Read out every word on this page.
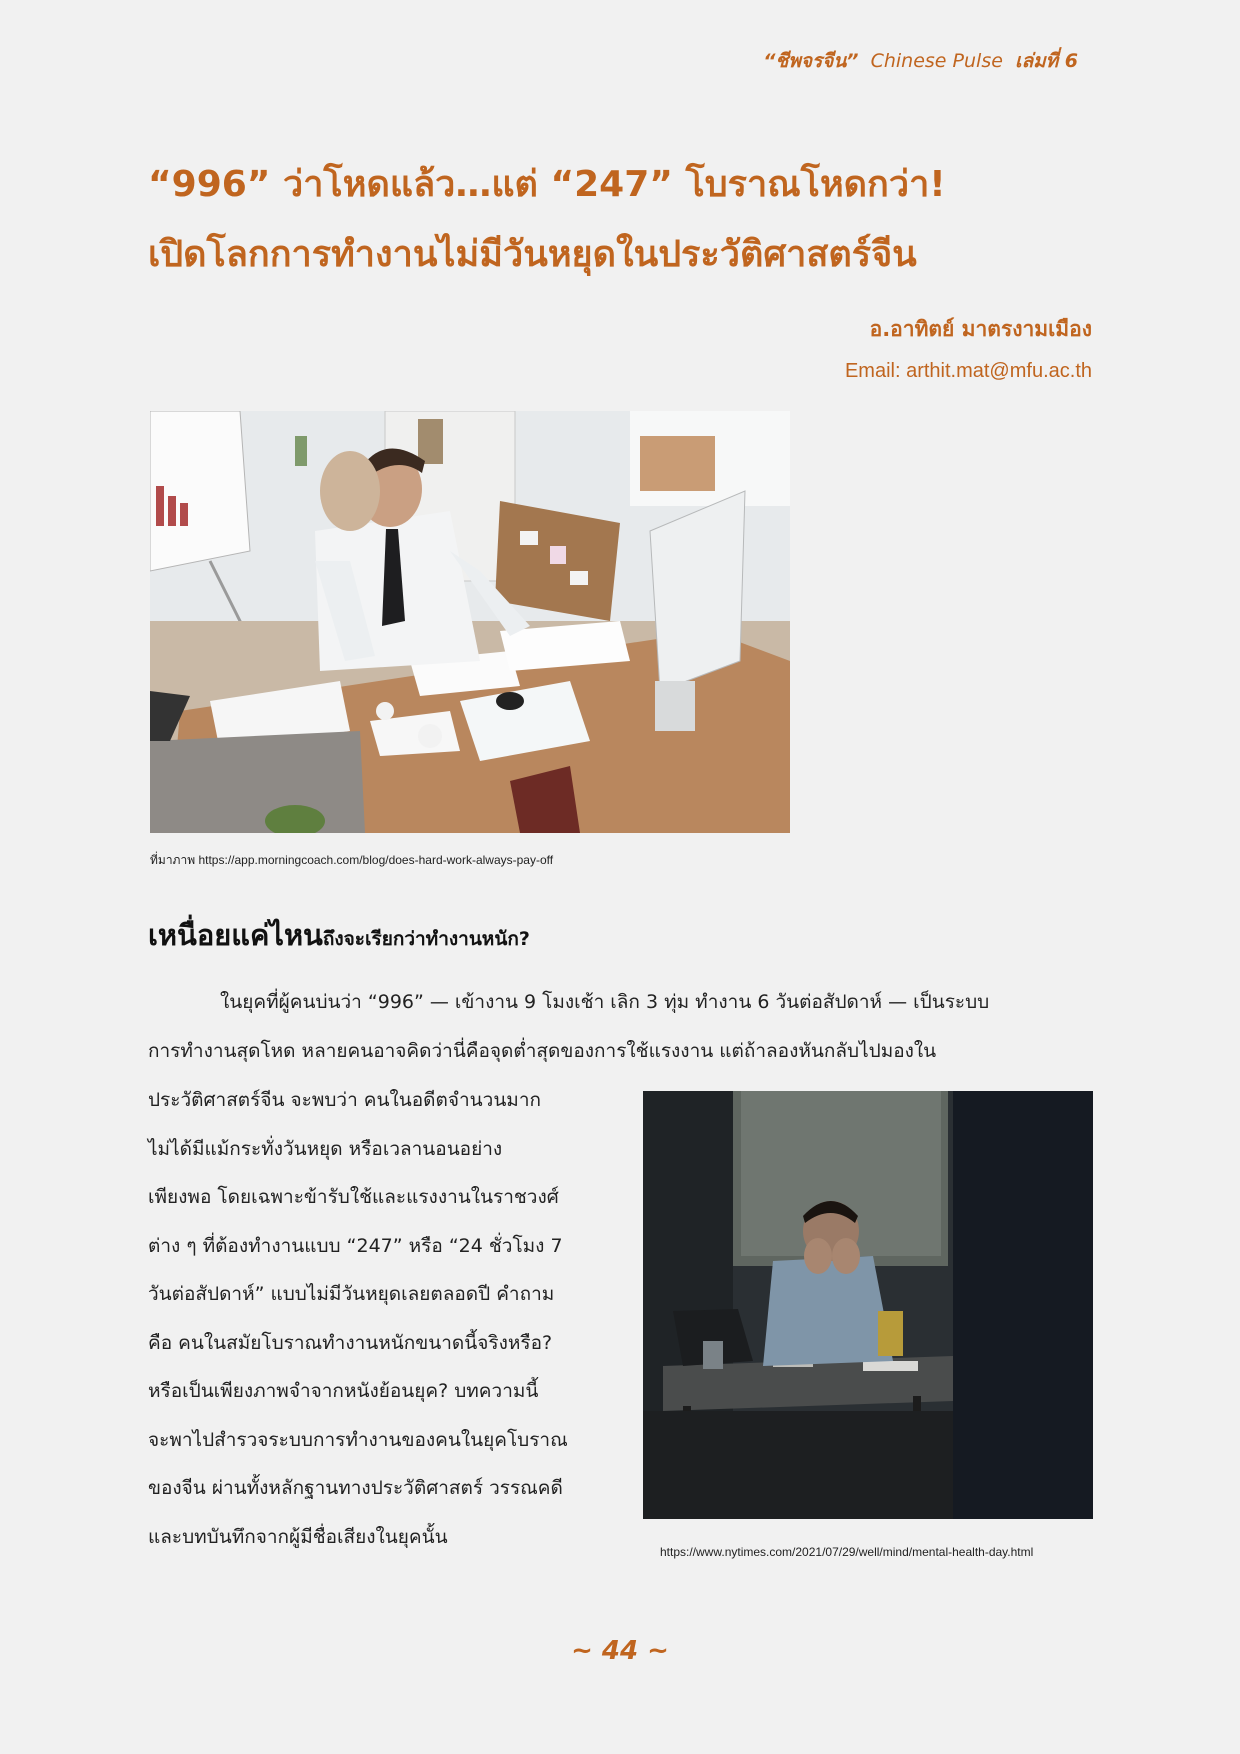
“ชีพจรจีน” Chinese Pulse เล่มที่ 6
“996” ว่าโหดแล้ว…แต่ “247” โบราณโหดกว่า!
เปิดโลกการทำงานไม่มีวันหยุดในประวัติศาสตร์จีน
อ.อาทิตย์ มาตรงามเมือง
Email: arthit.mat@mfu.ac.th
ที่มาภาพ https://app.morningcoach.com/blog/does-hard-work-always-pay-off
เหนื่อยแค่ไหนถึงจะเรียกว่าทำงานหนัก?
ในยุคที่ผู้คนบ่นว่า “996” — เข้างาน 9 โมงเช้า เลิก 3 ทุ่ม ทำงาน 6 วันต่อสัปดาห์ — เป็นระบบ
การทำงานสุดโหด หลายคนอาจคิดว่านี่คือจุดต่ำสุดของการใช้แรงงาน แต่ถ้าลองหันกลับไปมองใน
ประวัติศาสตร์จีน จะพบว่า คนในอดีตจำนวนมาก
ไม่ได้มีแม้กระทั่งวันหยุด หรือเวลานอนอย่าง
เพียงพอ โดยเฉพาะข้ารับใช้และแรงงานในราชวงศ์
ต่าง ๆ ที่ต้องทำงานแบบ “247” หรือ “24 ชั่วโมง 7
วันต่อสัปดาห์” แบบไม่มีวันหยุดเลยตลอดปี คำถาม
คือ คนในสมัยโบราณทำงานหนักขนาดนี้จริงหรือ?
หรือเป็นเพียงภาพจำจากหนังย้อนยุค? บทความนี้
จะพาไปสำรวจระบบการทำงานของคนในยุคโบราณ
ของจีน ผ่านทั้งหลักฐานทางประวัติศาสตร์ วรรณคดี
และบทบันทึกจากผู้มีชื่อเสียงในยุคนั้น
https://www.nytimes.com/2021/07/29/well/mind/mental-health-day.html
~ 44 ~
